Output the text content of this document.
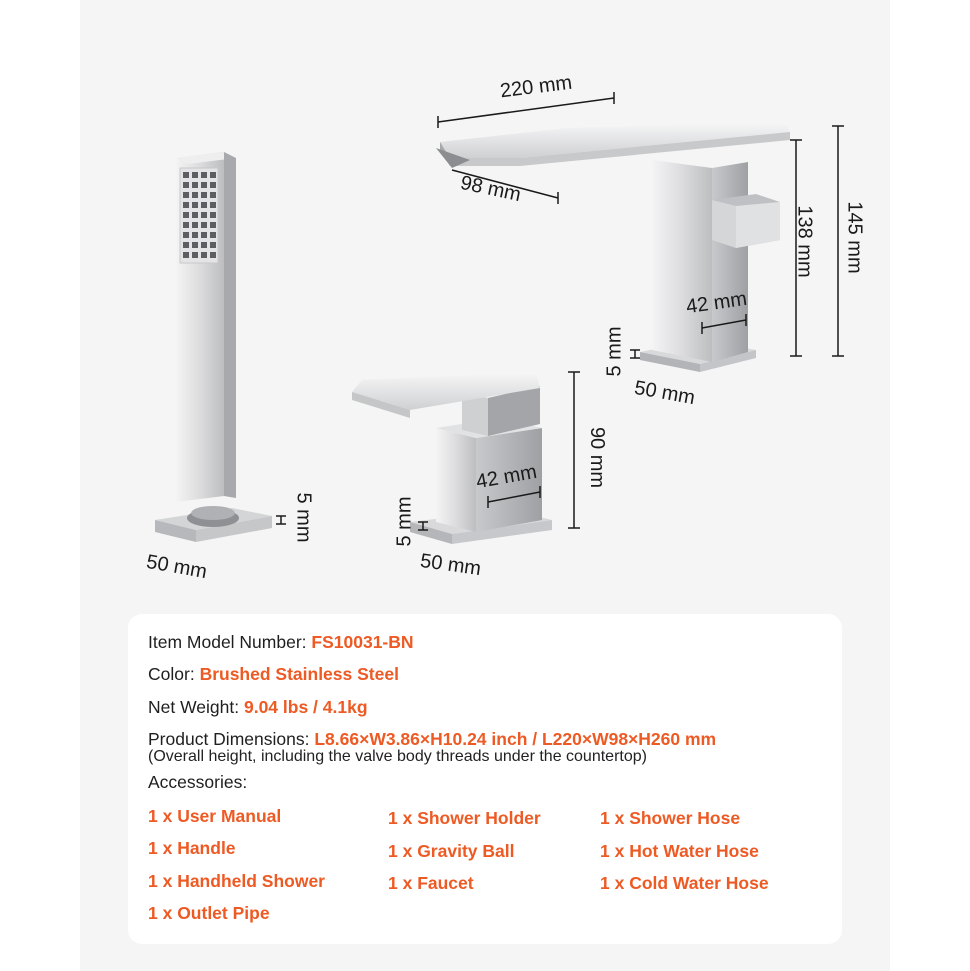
220 mm
98 mm
138 mm 145 mm
42 mm
50 mm
5 mm
90 mm
42 mm
50 mm
5 mm
50 mm
5 mm
Item Model Number: FS10031-BN
Color: Brushed Stainless Steel
Net Weight: 9.04 lbs / 4.1kg
Product Dimensions: L8.66×W3.86×H10.24 inch / L220×W98×H260 mm
(Overall height, including the valve body threads under the countertop)
Accessories:
1 x User Manual
1 x Handle
1 x Handheld Shower
1 x Outlet Pipe
1 x Shower Holder
1 x Gravity Ball
1 x Faucet
1 x Shower Hose
1 x Hot Water Hose
1 x Cold Water Hose
